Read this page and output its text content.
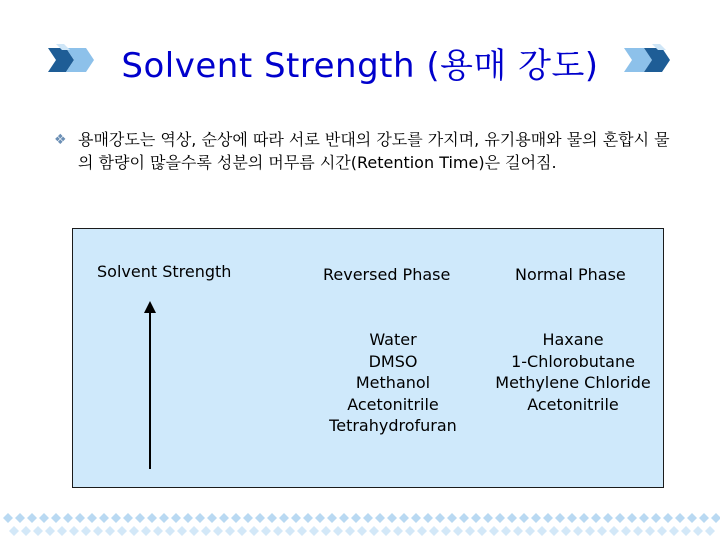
Solvent Strength (용매 강도)
❖ 용매강도는 역상, 순상에 따라 서로 반대의 강도를 가지며, 유기용매와 물의 혼합시 물의 함량이 많을수록 성분의 머무름 시간(Retention Time)은 길어짐.
Solvent Strength	Reversed Phase	Normal Phase
Water
DMSO
Methanol
Acetonitrile
Tetrahydrofuran
Haxane
1-Chlorobutane
Methylene Chloride
Acetonitrile
